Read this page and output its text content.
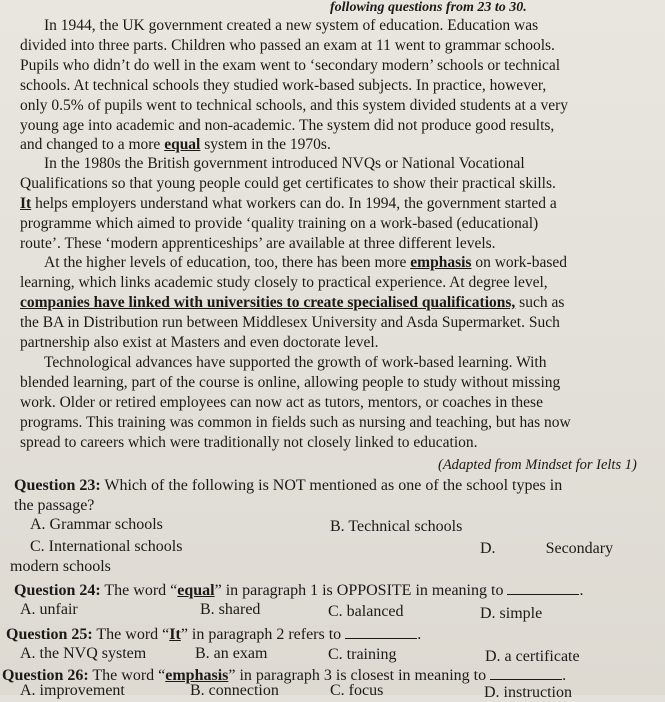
following questions from 23 to 30.
In 1944, the UK government created a new system of education. Education was
divided into three parts. Children who passed an exam at 11 went to grammar schools.
Pupils who didn’t do well in the exam went to ‘secondary modern’ schools or technical
schools. At technical schools they studied work-based subjects. In practice, however,
only 0.5% of pupils went to technical schools, and this system divided students at a very
young age into academic and non-academic. The system did not produce good results,
and changed to a more equal system in the 1970s.
In the 1980s the British government introduced NVQs or National Vocational
Qualifications so that young people could get certificates to show their practical skills.
It helps employers understand what workers can do. In 1994, the government started a
programme which aimed to provide ‘quality training on a work-based (educational)
route’. These ‘modern apprenticeships’ are available at three different levels.
At the higher levels of education, too, there has been more emphasis on work-based
learning, which links academic study closely to practical experience. At degree level,
companies have linked with universities to create specialised qualifications, such as
the BA in Distribution run between Middlesex University and Asda Supermarket. Such
partnership also exist at Masters and even doctorate level.
Technological advances have supported the growth of work-based learning. With
blended learning, part of the course is online, allowing people to study without missing
work. Older or retired employees can now act as tutors, mentors, or coaches in these
programs. This training was common in fields such as nursing and teaching, but has now
spread to careers which were traditionally not closely linked to education.
(Adapted from Mindset for Ielts 1)
Question 23: Which of the following is NOT mentioned as one of the school types in
the passage?
A. Grammar schools	B. Technical schools
C. International schools	D.	Secondary
modern schools
Question 24: The word “equal” in paragraph 1 is OPPOSITE in meaning to	.
A. unfair	B. shared	C. balanced	D. simple
Question 25: The word “It” in paragraph 2 refers to	.
A. the NVQ system	B. an exam	C. training	D. a certificate
Question 26: The word “emphasis” in paragraph 3 is closest in meaning to	.
A. improvement	B. connection	C. focus	D. instruction
